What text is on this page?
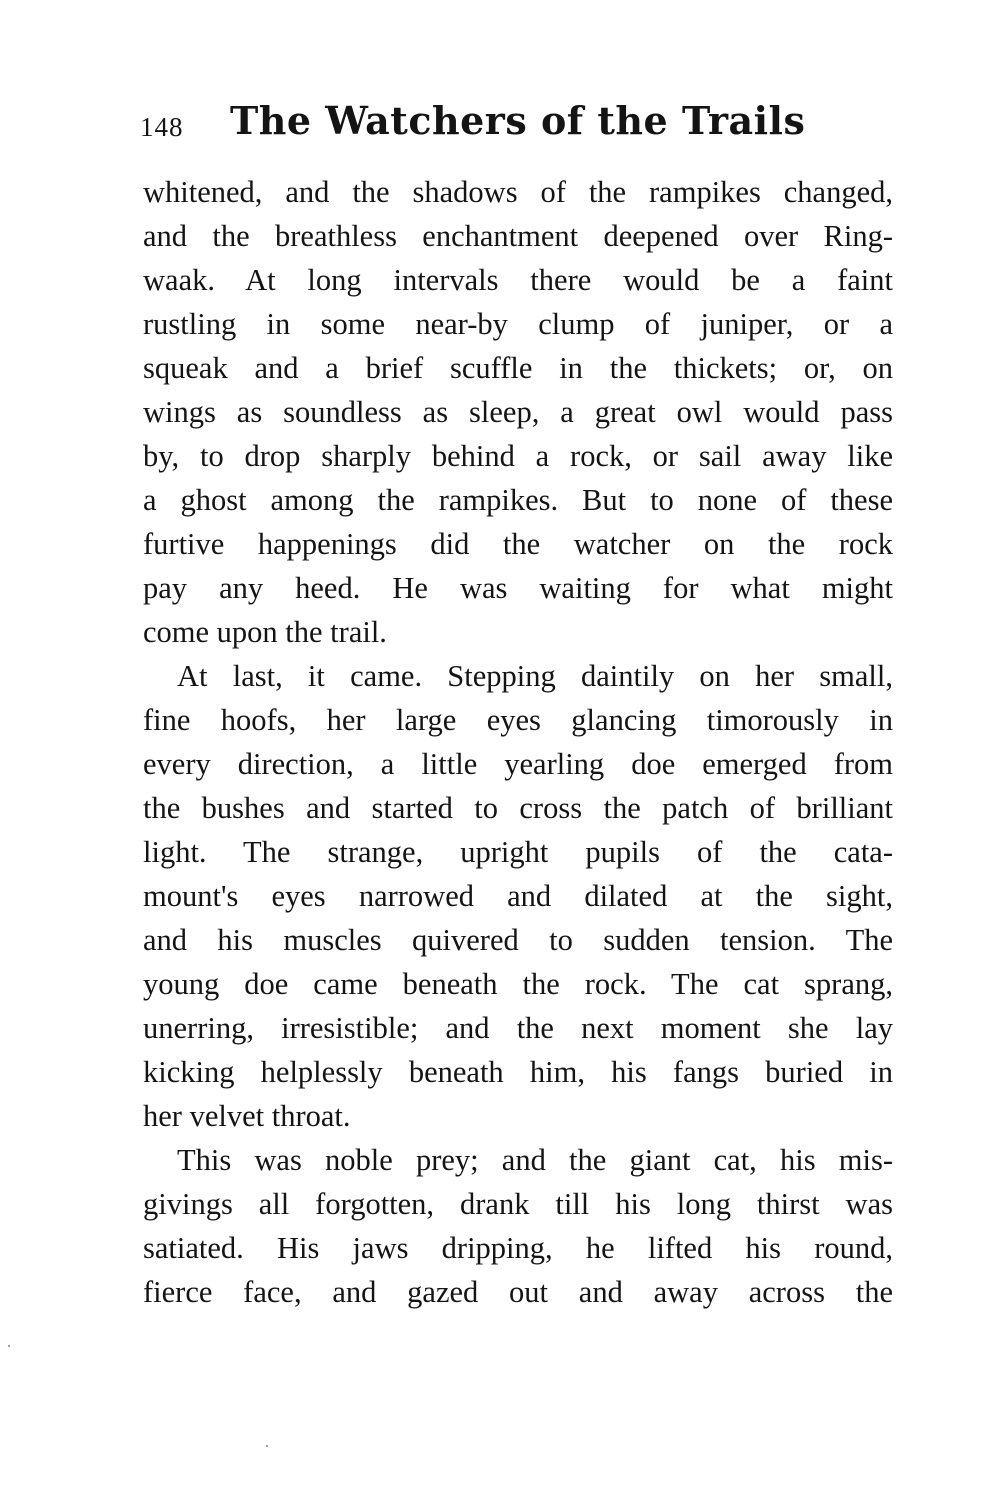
148 The Watchers of the Trails
whitened, and the shadows of the rampikes changed,
and the breathless enchantment deepened over Ring-
waak. At long intervals there would be a faint
rustling in some near-by clump of juniper, or a
squeak and a brief scuffle in the thickets; or, on
wings as soundless as sleep, a great owl would pass
by, to drop sharply behind a rock, or sail away like
a ghost among the rampikes. But to none of these
furtive happenings did the watcher on the rock
pay any heed. He was waiting for what might
come upon the trail.
At last, it came. Stepping daintily on her small,
fine hoofs, her large eyes glancing timorously in
every direction, a little yearling doe emerged from
the bushes and started to cross the patch of brilliant
light. The strange, upright pupils of the cata-
mount's eyes narrowed and dilated at the sight,
and his muscles quivered to sudden tension. The
young doe came beneath the rock. The cat sprang,
unerring, irresistible; and the next moment she lay
kicking helplessly beneath him, his fangs buried in
her velvet throat.
This was noble prey; and the giant cat, his mis-
givings all forgotten, drank till his long thirst was
satiated. His jaws dripping, he lifted his round,
fierce face, and gazed out and away across the
